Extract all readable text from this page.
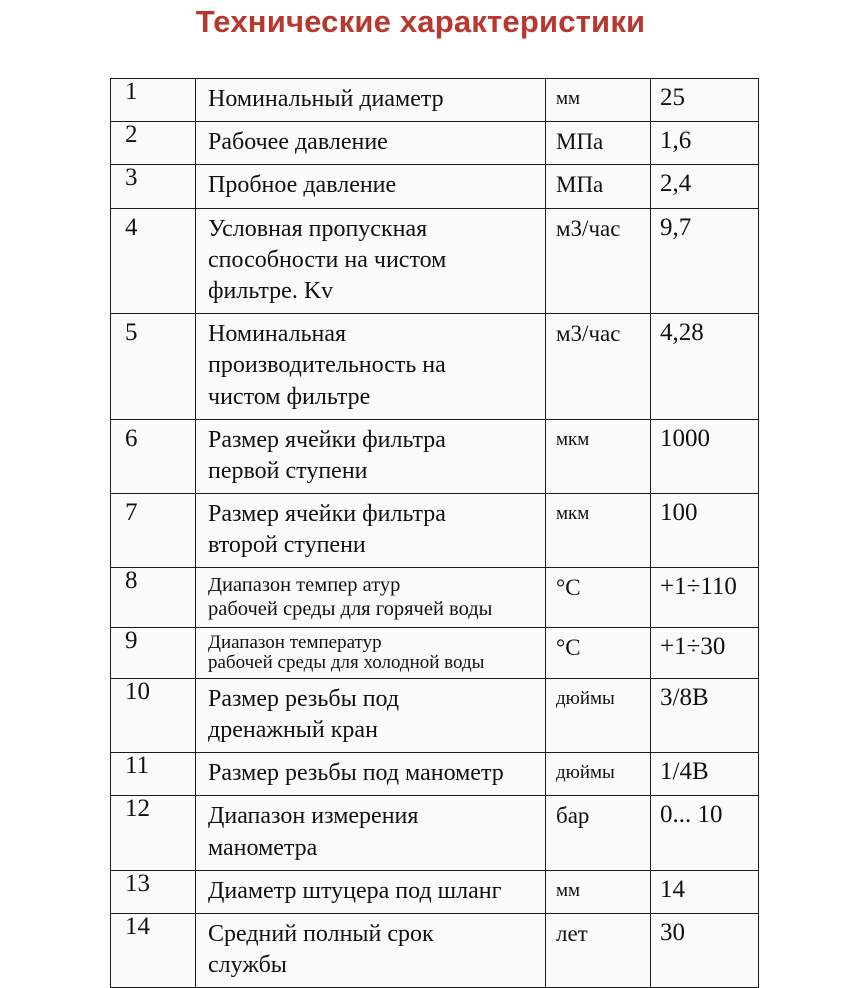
Технические характеристики
1	Номинальный диаметр	мм	25

2	Рабочее давление	МПа	1,6

3	Пробное давление	МПа	2,4

4	Условная пропускная
способности на чистом
фильтре. Kv	м3/час	9,7

5	Номинальная
производительность на
чистом фильтре	м3/час	4,28

6	Размер ячейки фильтра
первой ступени	мкм	1000

7	Размер ячейки фильтра
второй ступени	мкм	100

8	Диапазон темпер атур
рабочей среды для горячей воды	°C	+1÷110

9	Диапазон температур
рабочей среды для холодной воды	°C	+1÷30

10	Размер резьбы под
дренажный кран	дюймы	3/8В

11	Размер резьбы под манометр	дюймы	1/4В

12	Диапазон измерения
манометра	бар	0... 10

13	Диаметр штуцера под шланг	мм	14

14	Средний полный срок
службы	лет	30
